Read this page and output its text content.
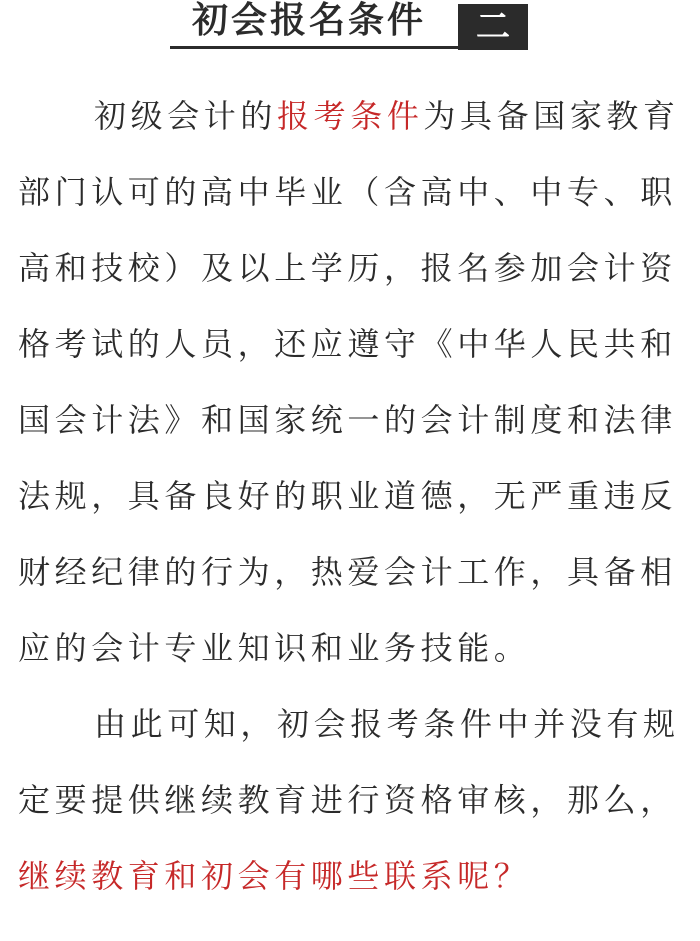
初会报名条件	二

初级会计的报考条件为具备国家教育部门认可的高中毕业（含高中、中专、职高和技校）及以上学历，报名参加会计资格考试的人员，还应遵守《中华人民共和国会计法》和国家统一的会计制度和法律法规，具备良好的职业道德，无严重违反财经纪律的行为，热爱会计工作，具备相应的会计专业知识和业务技能。

由此可知，初会报考条件中并没有规定要提供继续教育进行资格审核，那么，继续教育和初会有哪些联系呢？
